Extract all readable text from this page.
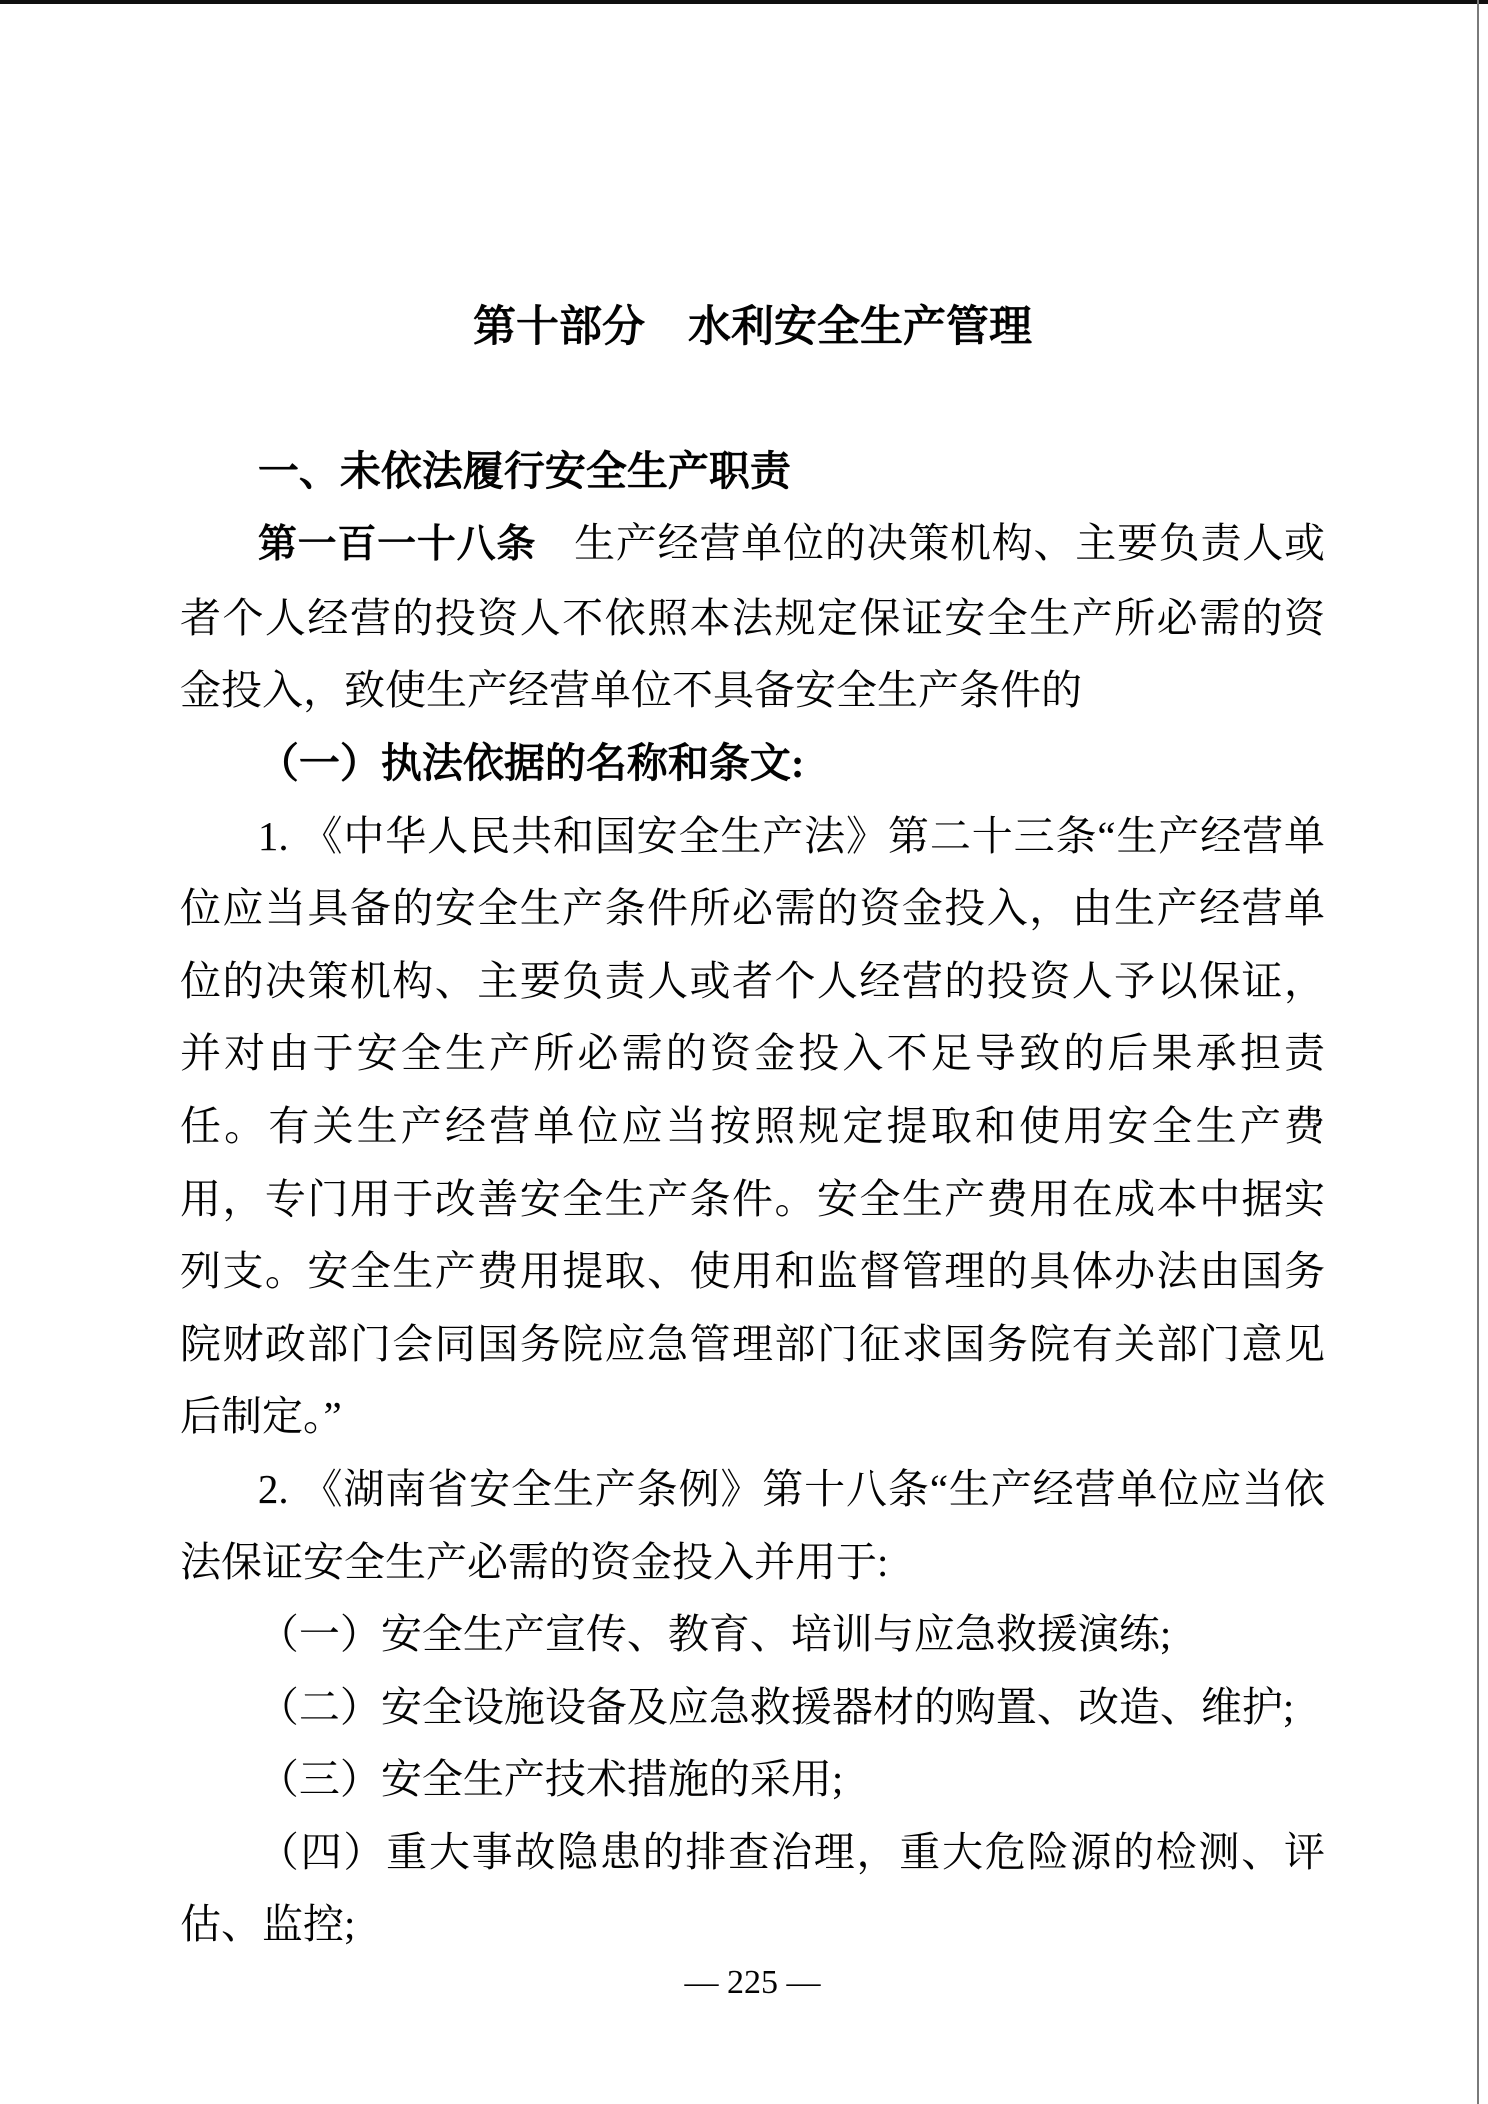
第十部分　水利安全生产管理
一、未依法履行安全生产职责

第一百一十八条 生产经营单位的决策机构、主要负责人或者个人经营的投资人不依照本法规定保证安全生产所必需的资金投入，致使生产经营单位不具备安全生产条件的

（一）执法依据的名称和条文:

1. 《中华人民共和国安全生产法》第二十三条“生产经营单位应当具备的安全生产条件所必需的资金投入，由生产经营单位的决策机构、主要负责人或者个人经营的投资人予以保证，并对由于安全生产所必需的资金投入不足导致的后果承担责任。有关生产经营单位应当按照规定提取和使用安全生产费用，专门用于改善安全生产条件。安全生产费用在成本中据实列支。安全生产费用提取、使用和监督管理的具体办法由国务院财政部门会同国务院应急管理部门征求国务院有关部门意见后制定。”

2. 《湖南省安全生产条例》第十八条“生产经营单位应当依法保证安全生产必需的资金投入并用于:

（一）安全生产宣传、教育、培训与应急救援演练;

（二）安全设施设备及应急救援器材的购置、改造、维护;

（三）安全生产技术措施的采用;

（四）重大事故隐患的排查治理，重大危险源的检测、评估、监控;

— 225 —
